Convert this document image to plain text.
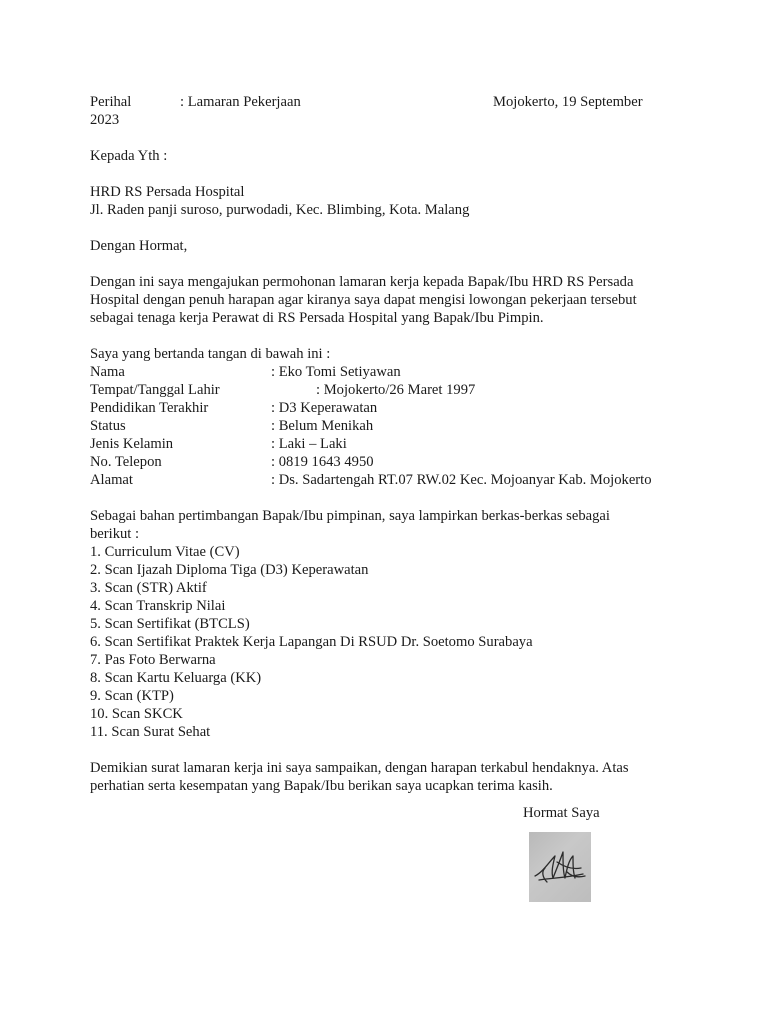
Perihal	: Lamaran Pekerjaan	Mojokerto, 19 September
2023
Kepada Yth :
HRD RS Persada Hospital
Jl. Raden panji suroso, purwodadi, Kec. Blimbing, Kota. Malang
Dengan Hormat,
Dengan ini saya mengajukan permohonan lamaran kerja kepada Bapak/Ibu HRD RS Persada
Hospital dengan penuh harapan agar kiranya saya dapat mengisi lowongan pekerjaan tersebut
sebagai tenaga kerja Perawat di RS Persada Hospital yang Bapak/Ibu Pimpin.
Saya yang bertanda tangan di bawah ini :
Nama	: Eko Tomi Setiyawan
Tempat/Tanggal Lahir	: Mojokerto/26 Maret 1997
Pendidikan Terakhir	: D3 Keperawatan
Status	: Belum Menikah
Jenis Kelamin	: Laki – Laki
No. Telepon	: 0819 1643 4950
Alamat	: Ds. Sadartengah RT.07 RW.02 Kec. Mojoanyar Kab. Mojokerto
Sebagai bahan pertimbangan Bapak/Ibu pimpinan, saya lampirkan berkas-berkas sebagai
berikut :
1. Curriculum Vitae (CV)
2. Scan Ijazah Diploma Tiga (D3) Keperawatan
3. Scan (STR) Aktif
4. Scan Transkrip Nilai
5. Scan Sertifikat (BTCLS)
6. Scan Sertifikat Praktek Kerja Lapangan Di RSUD Dr. Soetomo Surabaya
7. Pas Foto Berwarna
8. Scan Kartu Keluarga (KK)
9. Scan (KTP)
10. Scan SKCK
11. Scan Surat Sehat
Demikian surat lamaran kerja ini saya sampaikan, dengan harapan terkabul hendaknya. Atas
perhatian serta kesempatan yang Bapak/Ibu berikan saya ucapkan terima kasih.
Hormat Saya
